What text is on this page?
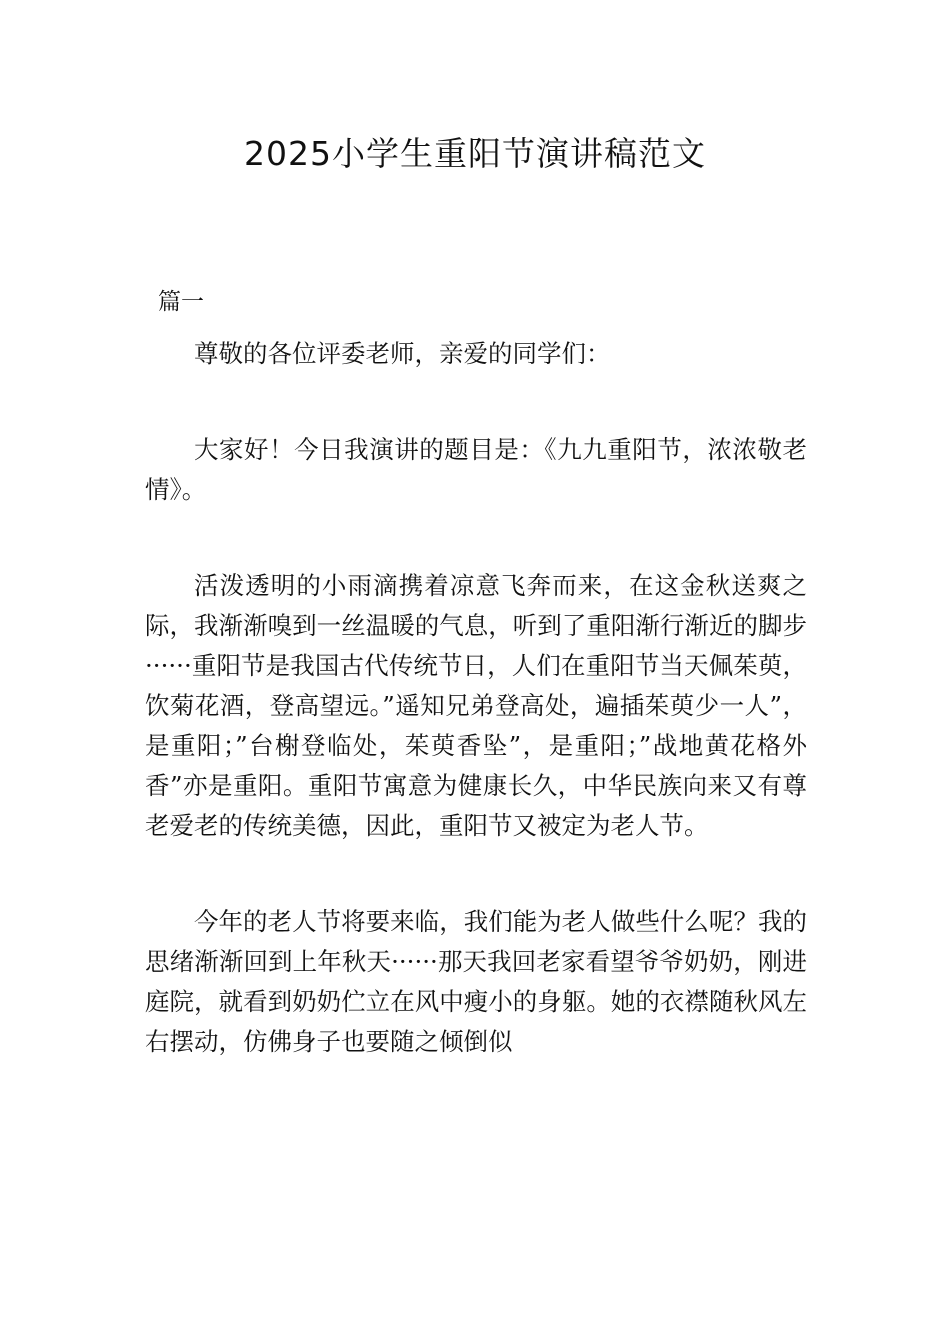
2025小学生重阳节演讲稿范文

篇一

尊敬的各位评委老师，亲爱的同学们：

大家好！今日我演讲的题目是：《九九重阳节，浓浓敬老情》。

活泼透明的小雨滴携着凉意飞奔而来，在这金秋送爽之际，我渐渐嗅到一丝温暖的气息，听到了重阳渐行渐近的脚步······重阳节是我国古代传统节日，人们在重阳节当天佩茱萸，饮菊花酒，登高望远。”遥知兄弟登高处，遍插茱萸少一人”，是重阳；”台榭登临处，茱萸香坠”，是重阳；”战地黄花格外香”亦是重阳。重阳节寓意为健康长久，中华民族向来又有尊老爱老的传统美德，因此，重阳节又被定为老人节。

今年的老人节将要来临，我们能为老人做些什么呢？我的思绪渐渐回到上年秋天······那天我回老家看望爷爷奶奶，刚进庭院，就看到奶奶伫立在风中瘦小的身躯。她的衣襟随秋风左右摆动，仿佛身子也要随之倾倒似
